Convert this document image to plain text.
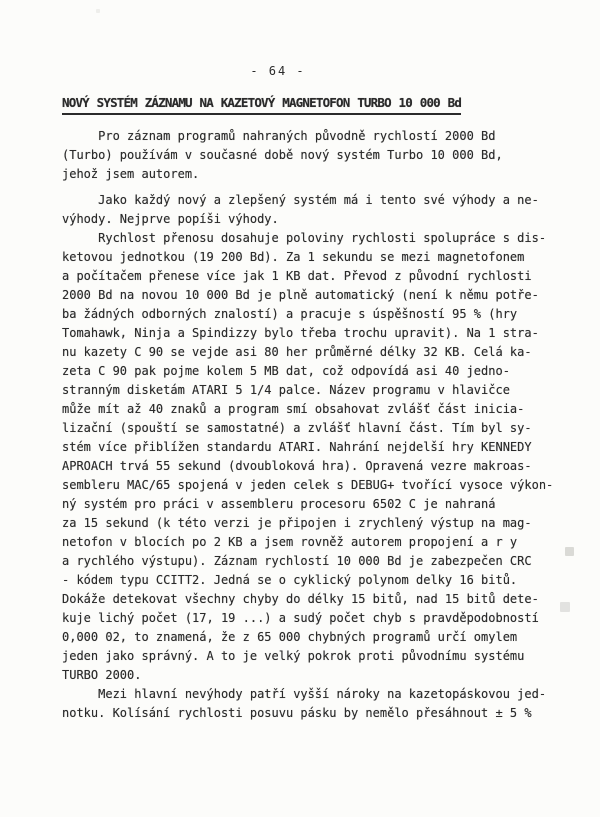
- 64 -
NOVÝ SYSTÉM ZÁZNAMU NA KAZETOVÝ MAGNETOFON TURBO 10 000 Bd
Pro záznam programů nahraných původně rychlostí 2000 Bd
(Turbo) používám v současné době nový systém Turbo 10 000 Bd,
jehož jsem autorem.
Jako každý nový a zlepšený systém má i tento své výhody a ne-
výhody. Nejprve popíši výhody.
Rychlost přenosu dosahuje poloviny rychlosti spolupráce s dis-
ketovou jednotkou (19 200 Bd). Za 1 sekundu se mezi magnetofonem
a počítačem přenese více jak 1 KB dat. Převod z původní rychlosti
2000 Bd na novou 10 000 Bd je plně automatický (není k němu potře-
ba žádných odborných znalostí) a pracuje s úspěšností 95 % (hry
Tomahawk, Ninja a Spindizzy bylo třeba trochu upravit). Na 1 stra-
nu kazety C 90 se vejde asi 80 her průměrné délky 32 KB. Celá ka-
zeta C 90 pak pojme kolem 5 MB dat, což odpovídá asi 40 jedno-
stranným disketám ATARI 5 1/4 palce. Název programu v hlavičce
může mít až 40 znaků a program smí obsahovat zvlášť část inicia-
lizační (spouští se samostatné) a zvlášť hlavní část. Tím byl sy-
stém více přiblížen standardu ATARI. Nahrání nejdelší hry KENNEDY
APROACH trvá 55 sekund (dvoubloková hra). Opravená vezre makroas-
sembleru MAC/65 spojená v jeden celek s DEBUG+ tvořící vysoce výkon-
ný systém pro práci v assembleru procesoru 6502 C je nahraná
za 15 sekund (k této verzi je připojen i zrychlený výstup na mag-
netofon v blocích po 2 KB a jsem rovněž autorem propojení a r y
a rychlého výstupu). Záznam rychlostí 10 000 Bd je zabezpečen CRC
- kódem typu CCITT2. Jedná se o cyklický polynom delky 16 bitů.
Dokáže detekovat všechny chyby do délky 15 bitů, nad 15 bitů dete-
kuje lichý počet (17, 19 ...) a sudý počet chyb s pravděpodobností
0,000 02, to znamená, že z 65 000 chybných programů určí omylem
jeden jako správný. A to je velký pokrok proti původnímu systému
TURBO 2000.
Mezi hlavní nevýhody patří vyšší nároky na kazetopáskovou jed-
notku. Kolísání rychlosti posuvu pásku by nemělo přesáhnout ± 5 %
